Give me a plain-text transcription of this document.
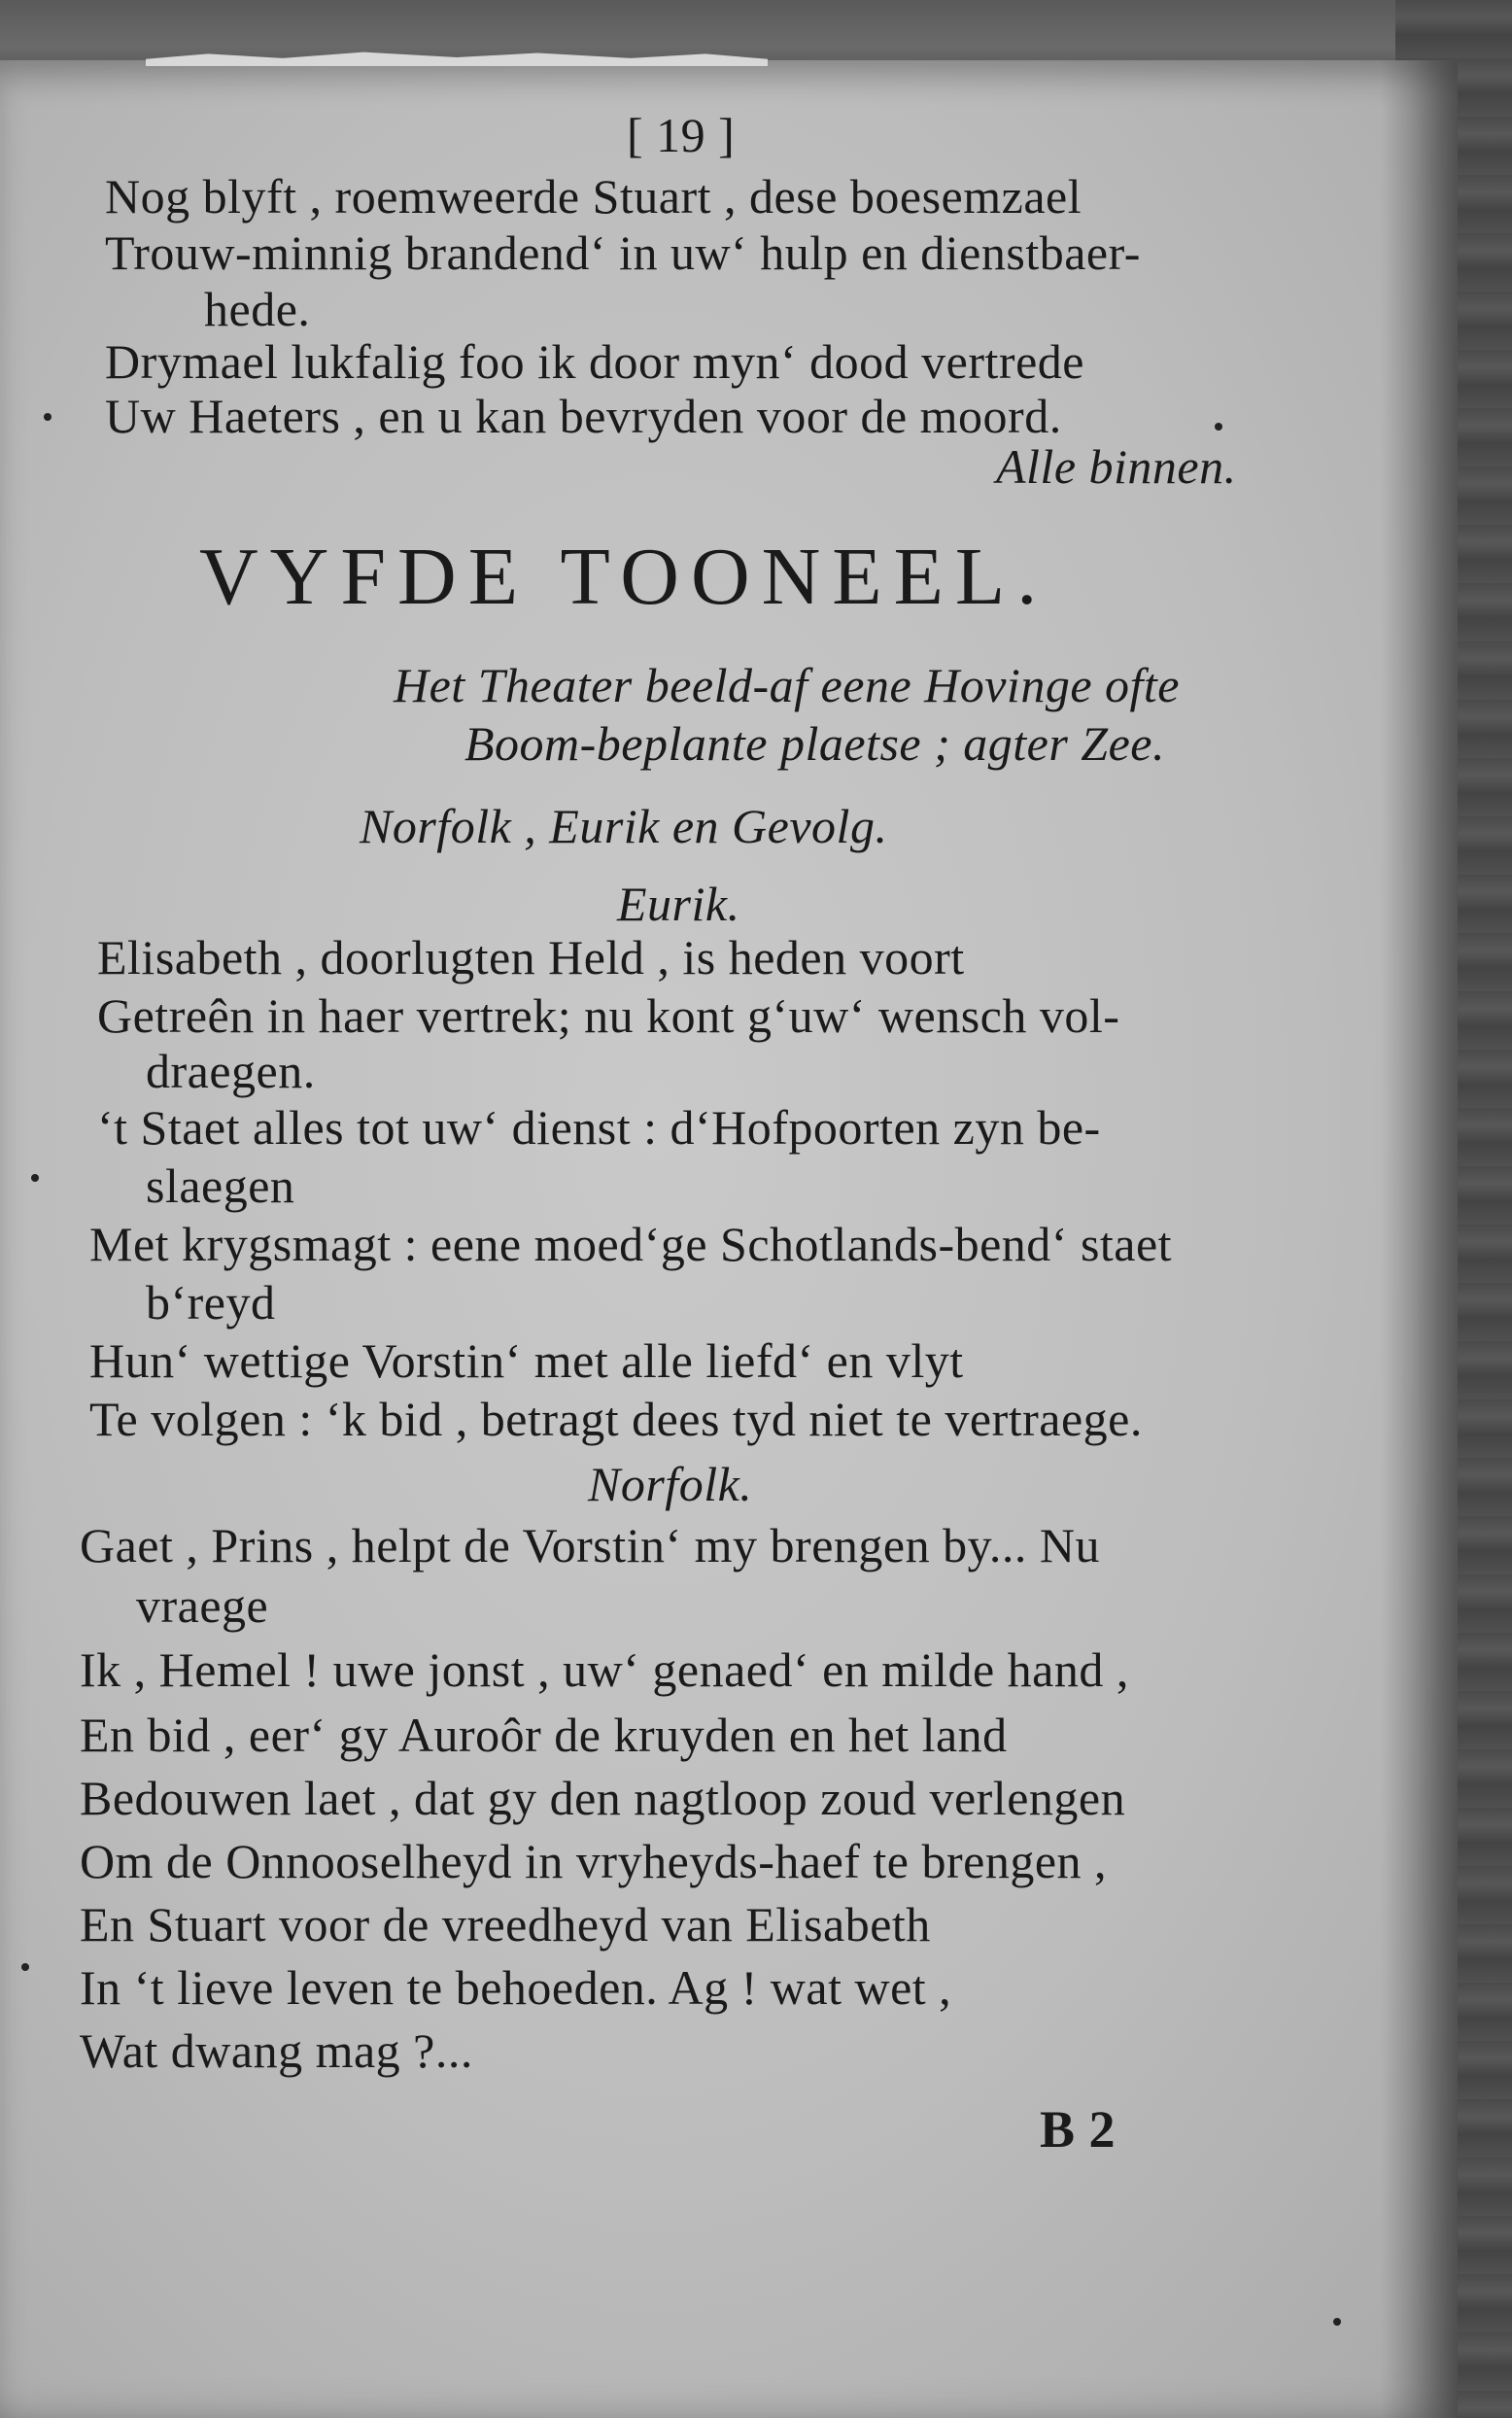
[ 19 ]
Nog blyft , roemweerde Stuart , dese boesemzael
Trouw-minnig brandend‘ in uw‘ hulp en dienstbaer-
hede.
Drymael lukfalig foo ik door myn‘ dood vertrede
Uw Haeters , en u kan bevryden voor de moord.
Alle binnen.
VYFDE TOONEEL.
Het Theater beeld-af eene Hovinge ofte
Boom-beplante plaetse ; agter Zee.
Norfolk , Eurik en Gevolg.
Eurik.
Elisabeth , doorlugten Held , is heden voort
Getreên in haer vertrek; nu kont g‘uw‘ wensch vol-
draegen.
‘t Staet alles tot uw‘ dienst : d‘Hofpoorten zyn be-
slaegen
Met krygsmagt : eene moed‘ge Schotlands-bend‘ staet
b‘reyd
Hun‘ wettige Vorstin‘ met alle liefd‘ en vlyt
Te volgen : ‘k bid , betragt dees tyd niet te vertraege.
Norfolk.
Gaet , Prins , helpt de Vorstin‘ my brengen by... Nu
vraege
Ik , Hemel ! uwe jonst , uw‘ genaed‘ en milde hand ,
En bid , eer‘ gy Auroôr de kruyden en het land
Bedouwen laet , dat gy den nagtloop zoud verlengen
Om de Onnooselheyd in vryheyds-haef te brengen ,
En Stuart voor de vreedheyd van Elisabeth
In ‘t lieve leven te behoeden. Ag ! wat wet ,
Wat dwang mag ?...
B 2
